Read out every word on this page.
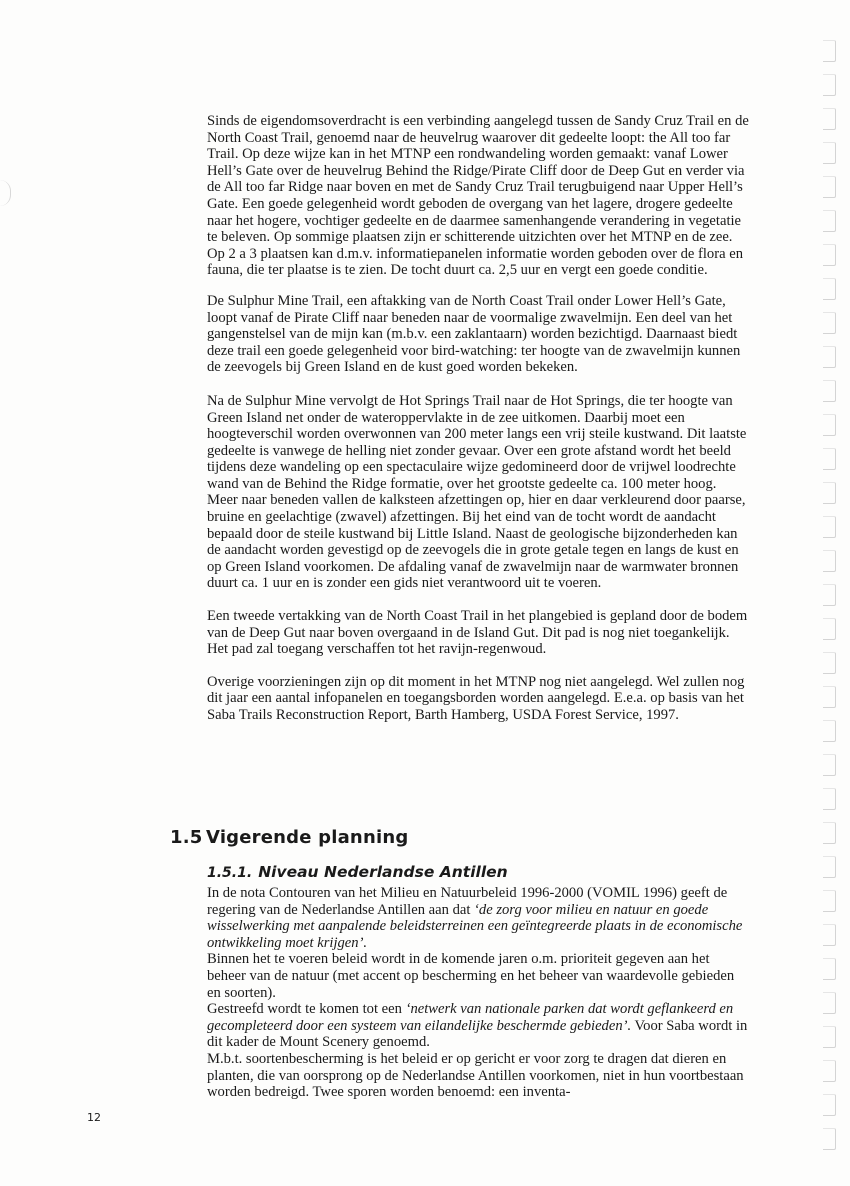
Sinds de eigendomsoverdracht is een verbinding aangelegd tussen de Sandy Cruz Trail en de North Coast Trail, genoemd naar de heuvelrug waarover dit gedeelte loopt: the All too far Trail. Op deze wijze kan in het MTNP een rondwandeling worden gemaakt: vanaf Lower Hell’s Gate over de heuvelrug Behind the Ridge/Pirate Cliff door de Deep Gut en verder via de All too far Ridge naar boven en met de Sandy Cruz Trail terugbuigend naar Upper Hell’s Gate. Een goede gelegenheid wordt geboden de overgang van het lagere, drogere gedeelte naar het hogere, vochtiger gedeelte en de daarmee samenhangende verandering in vegetatie te beleven. Op sommige plaatsen zijn er schitterende uitzichten over het MTNP en de zee. Op 2 a 3 plaatsen kan d.m.v. informatiepanelen informatie worden geboden over de flora en fauna, die ter plaatse is te zien. De tocht duurt ca. 2,5 uur en vergt een goede conditie.

De Sulphur Mine Trail, een aftakking van de North Coast Trail onder Lower Hell’s Gate, loopt vanaf de Pirate Cliff naar beneden naar de voormalige zwavelmijn. Een deel van het gangenstelsel van de mijn kan (m.b.v. een zaklantaarn) worden bezichtigd. Daarnaast biedt deze trail een goede gelegenheid voor bird-watching: ter hoogte van de zwavelmijn kunnen de zeevogels bij Green Island en de kust goed worden bekeken.

Na de Sulphur Mine vervolgt de Hot Springs Trail naar de Hot Springs, die ter hoogte van Green Island net onder de wateroppervlakte in de zee uitkomen. Daarbij moet een hoogteverschil worden overwonnen van 200 meter langs een vrij steile kustwand. Dit laatste gedeelte is vanwege de helling niet zonder gevaar. Over een grote afstand wordt het beeld tijdens deze wandeling op een spectaculaire wijze gedomineerd door de vrijwel loodrechte wand van de Behind the Ridge formatie, over het grootste gedeelte ca. 100 meter hoog. Meer naar beneden vallen de kalksteen afzettingen op, hier en daar verkleurend door paarse, bruine en geelachtige (zwavel) afzettingen. Bij het eind van de tocht wordt de aandacht bepaald door de steile kustwand bij Little Island. Naast de geologische bijzonderheden kan de aandacht worden gevestigd op de zeevogels die in grote getale tegen en langs de kust en op Green Island voorkomen. De afdaling vanaf de zwavelmijn naar de warmwater bronnen duurt ca. 1 uur en is zonder een gids niet verantwoord uit te voeren.

Een tweede vertakking van de North Coast Trail in het plangebied is gepland door de bodem van de Deep Gut naar boven overgaand in de Island Gut. Dit pad is nog niet toegankelijk. Het pad zal toegang verschaffen tot het ravijn-regenwoud.

Overige voorzieningen zijn op dit moment in het MTNP nog niet aangelegd. Wel zullen nog dit jaar een aantal infopanelen en toegangsborden worden aangelegd. E.e.a. op basis van het Saba Trails Reconstruction Report, Barth Hamberg, USDA Forest Service, 1997.

1.5 Vigerende planning
1.5.1. Niveau Nederlandse Antillen

In de nota Contouren van het Milieu en Natuurbeleid 1996-2000 (VOMIL 1996) geeft de regering van de Nederlandse Antillen aan dat ‘de zorg voor milieu en natuur en goede wisselwerking met aanpalende beleidsterreinen een geïntegreerde plaats in de economische ontwikkeling moet krijgen’.

Binnen het te voeren beleid wordt in de komende jaren o.m. prioriteit gegeven aan het beheer van de natuur (met accent op bescherming en het beheer van waardevolle gebieden en soorten).

Gestreefd wordt te komen tot een ‘netwerk van nationale parken dat wordt geflankeerd en gecompleteerd door een systeem van eilandelijke beschermde gebieden’. Voor Saba wordt in dit kader de Mount Scenery genoemd.

M.b.t. soortenbescherming is het beleid er op gericht er voor zorg te dragen dat dieren en planten, die van oorsprong op de Nederlandse Antillen voorkomen, niet in hun voortbestaan worden bedreigd. Twee sporen worden benoemd: een inventa-

12
